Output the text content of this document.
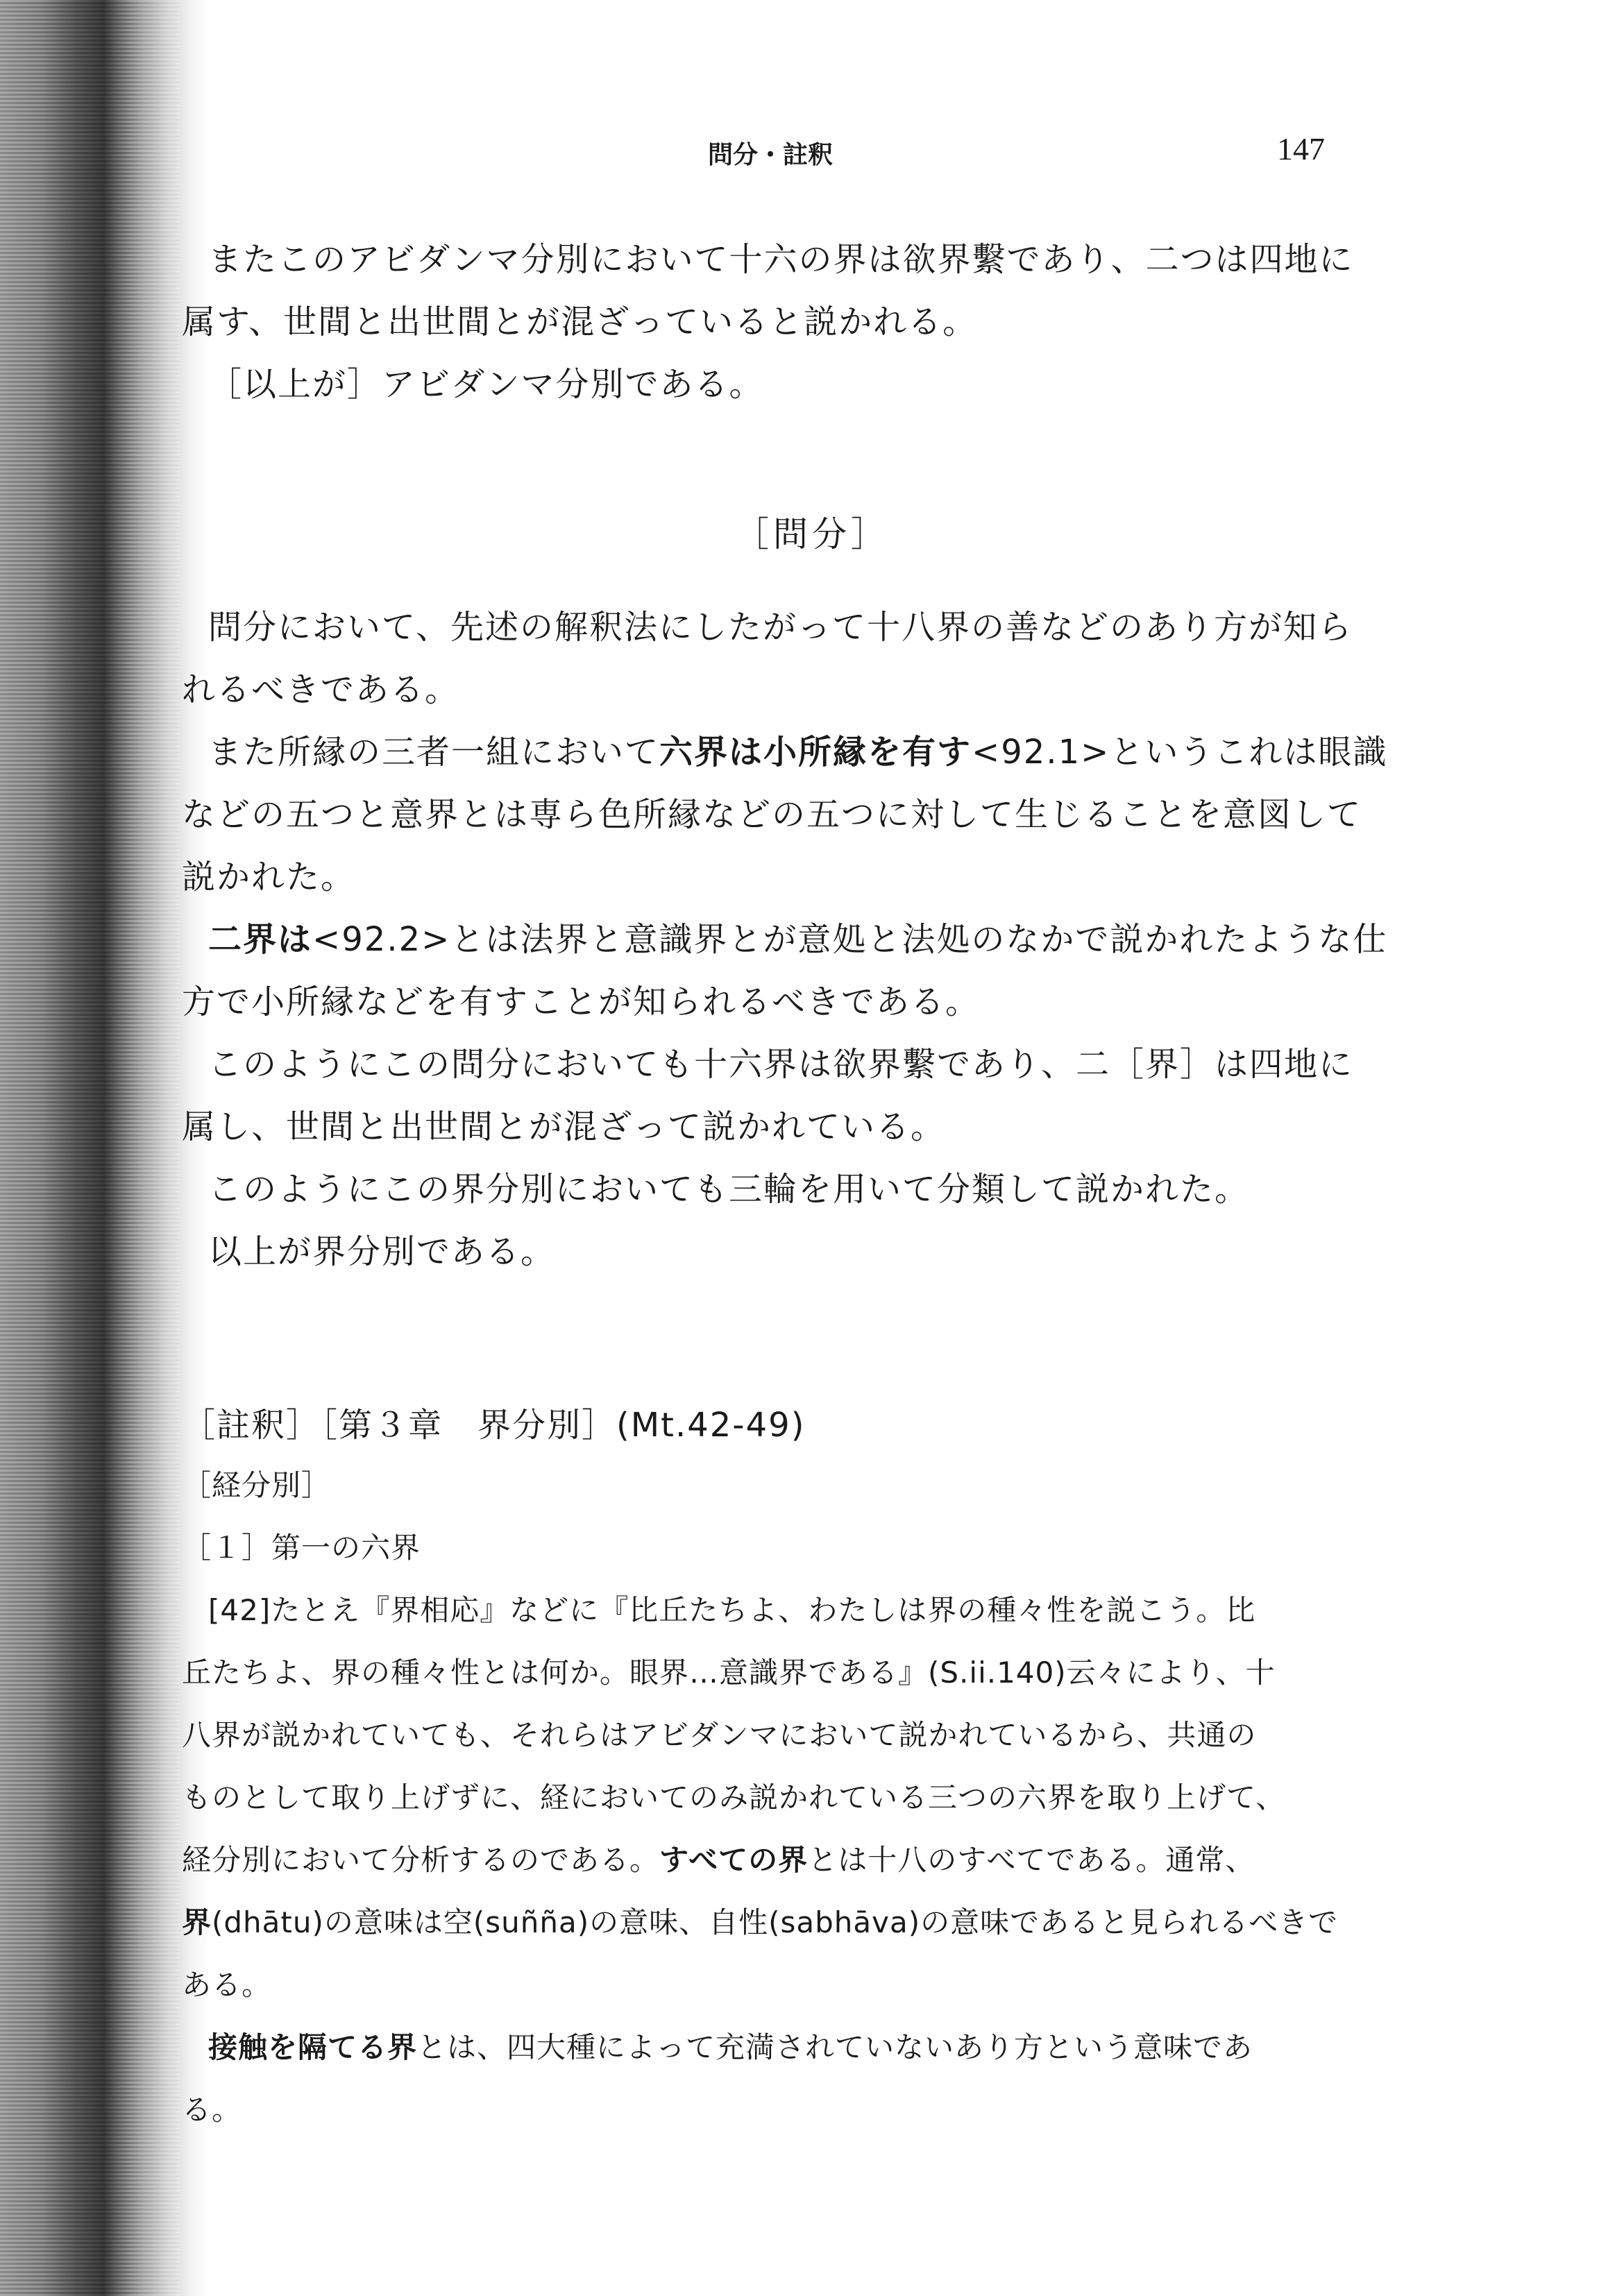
問分・註釈	147
またこのアビダンマ分別において十六の界は欲界繫であり、二つは四地に
属す、世間と出世間とが混ざっていると説かれる。
［以上が］アビダンマ分別である。
［問分］
問分において、先述の解釈法にしたがって十八界の善などのあり方が知ら
れるべきである。
また所縁の三者一組において六界は小所縁を有す<92.1>というこれは眼識
などの五つと意界とは専ら色所縁などの五つに対して生じることを意図して
説かれた。
二界は<92.2>とは法界と意識界とが意処と法処のなかで説かれたような仕
方で小所縁などを有すことが知られるべきである。
このようにこの問分においても十六界は欲界繫であり、二［界］は四地に
属し、世間と出世間とが混ざって説かれている。
このようにこの界分別においても三輪を用いて分類して説かれた。
以上が界分別である。
［註釈］［第３章　界分別］(Mt.42-49)
［経分別］
［１］第一の六界
[42]たとえ『界相応』などに『比丘たちよ、わたしは界の種々性を説こう。比
丘たちよ、界の種々性とは何か。眼界…意識界である』(S.ii.140)云々により、十
八界が説かれていても、それらはアビダンマにおいて説かれているから、共通の
ものとして取り上げずに、経においてのみ説かれている三つの六界を取り上げて、
経分別において分析するのである。すべての界とは十八のすべてである。通常、
界(dhātu)の意味は空(suñña)の意味、自性(sabhāva)の意味であると見られるべきで
ある。
接触を隔てる界とは、四大種によって充満されていないあり方という意味であ
る。
